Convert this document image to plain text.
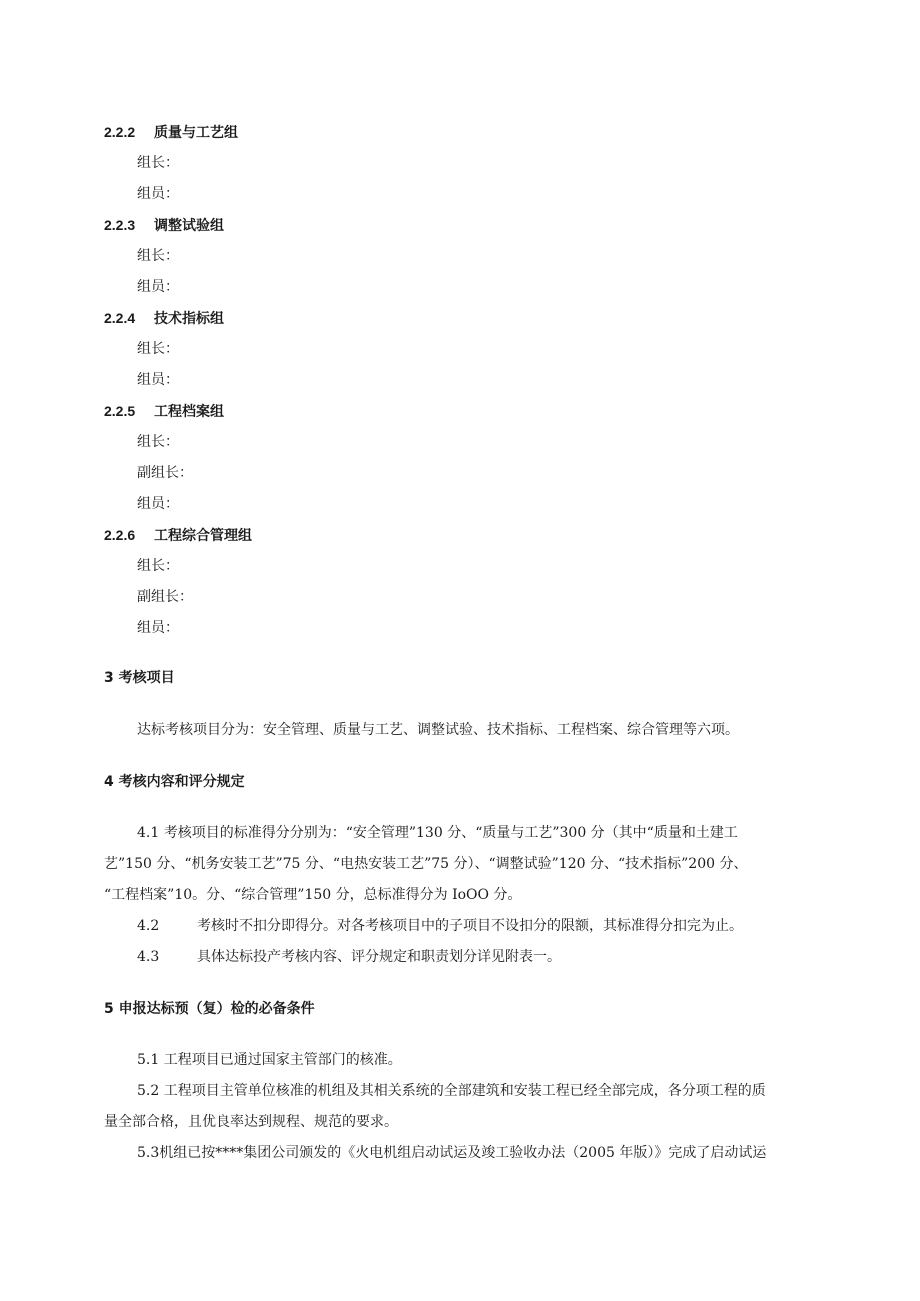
2.2.2 质量与工艺组
组长：
组员：
2.2.3 调整试验组
组长：
组员：
2.2.4 技术指标组
组长：
组员：
2.2.5 工程档案组
组长：
副组长：
组员：
2.2.6 工程综合管理组
组长：
副组长：
组员：
3 考核项目
达标考核项目分为：安全管理、质量与工艺、调整试验、技术指标、工程档案、综合管理等六项。
4 考核内容和评分规定
4.1 考核项目的标准得分分别为：“安全管理”130 分、“质量与工艺”300 分（其中“质量和土建工
艺”150 分、“机务安装工艺”75 分、“电热安装工艺”75 分）、“调整试验”120 分、“技术指标”200 分、
“工程档案”10。分、“综合管理”150 分，总标准得分为 IoOO 分。
4.2	考核时不扣分即得分。对各考核项目中的子项目不设扣分的限额，其标准得分扣完为止。
4.3	具体达标投产考核内容、评分规定和职责划分详见附表一。
5 申报达标预（复）检的必备条件
5.1 工程项目已通过国家主管部门的核准。
5.2 工程项目主管单位核准的机组及其相关系统的全部建筑和安装工程已经全部完成，各分项工程的质
量全部合格，且优良率达到规程、规范的要求。
5.3机组已按****集团公司颁发的《火电机组启动试运及竣工验收办法（2005 年版）》完成了启动试运
